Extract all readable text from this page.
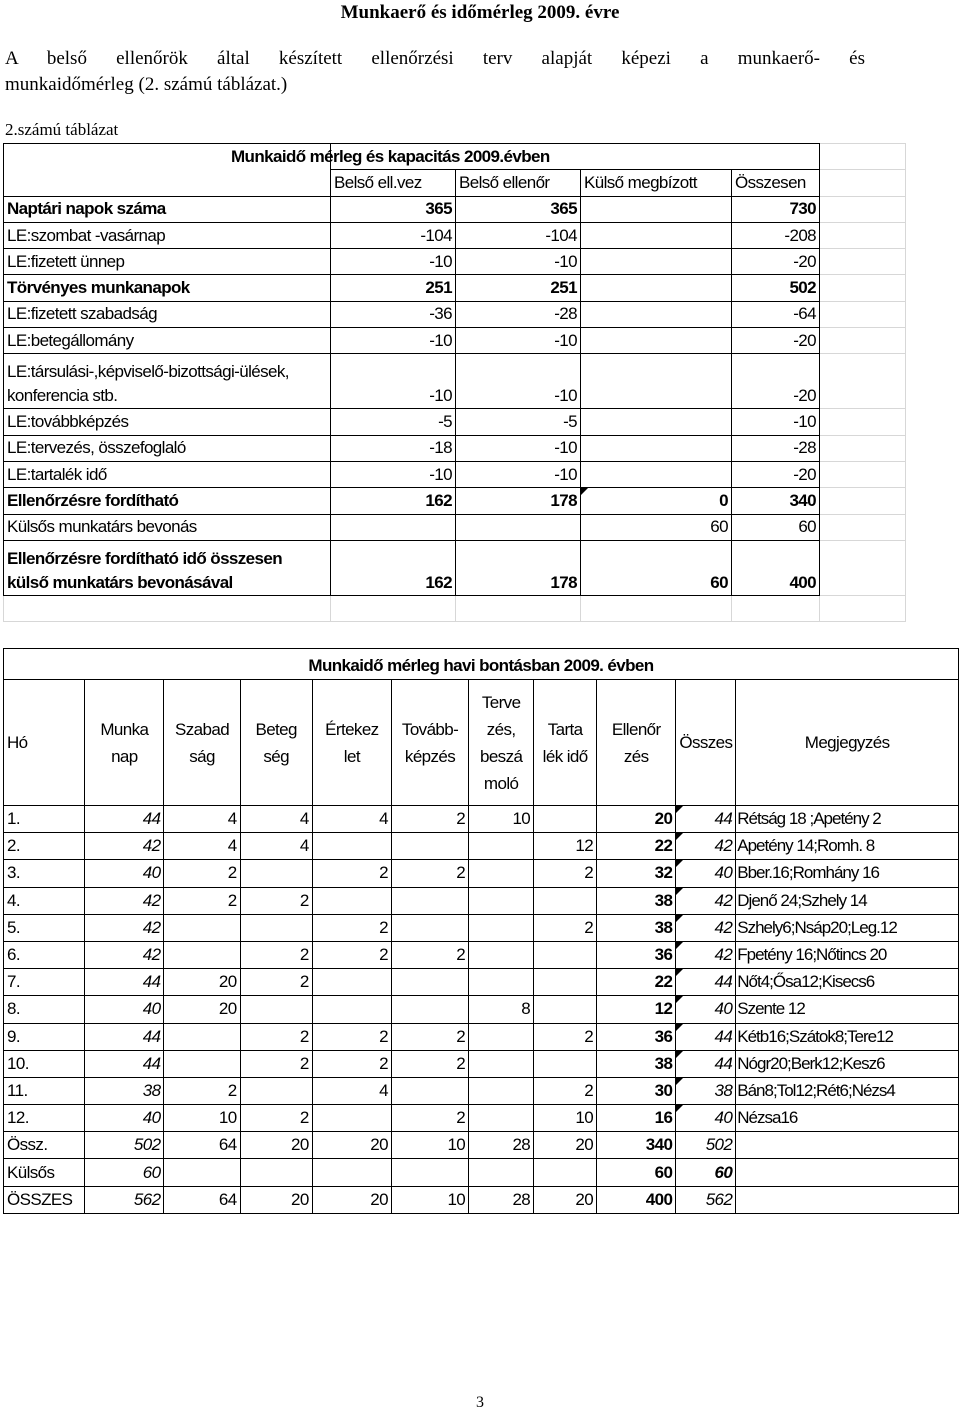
Munkaerő és időmérleg 2009. évre
A belső ellenőrök által készített ellenőrzési terv alapját képezi a munkaerő- és
munkaidőmérleg (2. számú táblázat.)
2.számú táblázat
	Munkaidő mérleg és kapacitás 2009.évben				
	Belső ell.vez	Belső ellenőr	Külső megbízott	Összesen	
Naptári napok száma	365	365		730	
LE:szombat -vasárnap	-104	-104		-208	
LE:fizetett ünnep	-10	-10		-20	
Törvényes munkanapok	251	251		502	
LE:fizetett szabadság	-36	-28		-64	
LE:betegállomány	-10	-10		-20	
LE:társulási-,képviselő-bizottsági-ülések, konferencia stb.	-10	-10		-20	
LE:továbbképzés	-5	-5		-10	
LE:tervezés, összefoglaló	-18	-10		-28	
LE:tartalék idő	-10	-10		-20	
Ellenőrzésre fordítható	162	178	0	340	
Külsős munkatárs bevonás			60	60	
Ellenőrzésre fordítható idő összesen külső munkatárs bevonásával	162	178	60	400	

Munkaidő mérleg havi bontásban 2009. évben										
Hó	Munka nap	Szabad ság	Beteg ség	Értekez let	Tovább- képzés	Terve zés, beszá moló	Tarta lék idő	Ellenőr zés	Összes	Megjegyzés
1.	44	4	4	4	2	10		20	44	Rétság 18 ;Apetény 2
2.	42	4	4				12	22	42	Apetény 14;Romh. 8
3.	40	2		2	2		2	32	40	Bber.16;Romhány 16
4.	42	2	2					38	42	Djenő 24;Szhely 14
5.	42			2			2	38	42	Szhely6;Nsáp20;Leg.12
6.	42		2	2	2			36	42	Fpetény 16;Nőtincs 20
7.	44	20	2					22	44	Nőt4;Ősa12;Kisecs6
8.	40	20				8		12	40	Szente 12
9.	44		2	2	2		2	36	44	Kétb16;Szátok8;Tere12
10.	44		2	2	2			38	44	Nógr20;Berk12;Kesz6
11.	38	2		4			2	30	38	Bán8;Tol12;Rét6;Nézs4
12.	40	10	2		2		10	16	40	Nézsa16
Össz.	502	64	20	20	10	28	20	340	502	
Külsős	60							60	60	
ÖSSZES	562	64	20	20	10	28	20	400	562	
3
